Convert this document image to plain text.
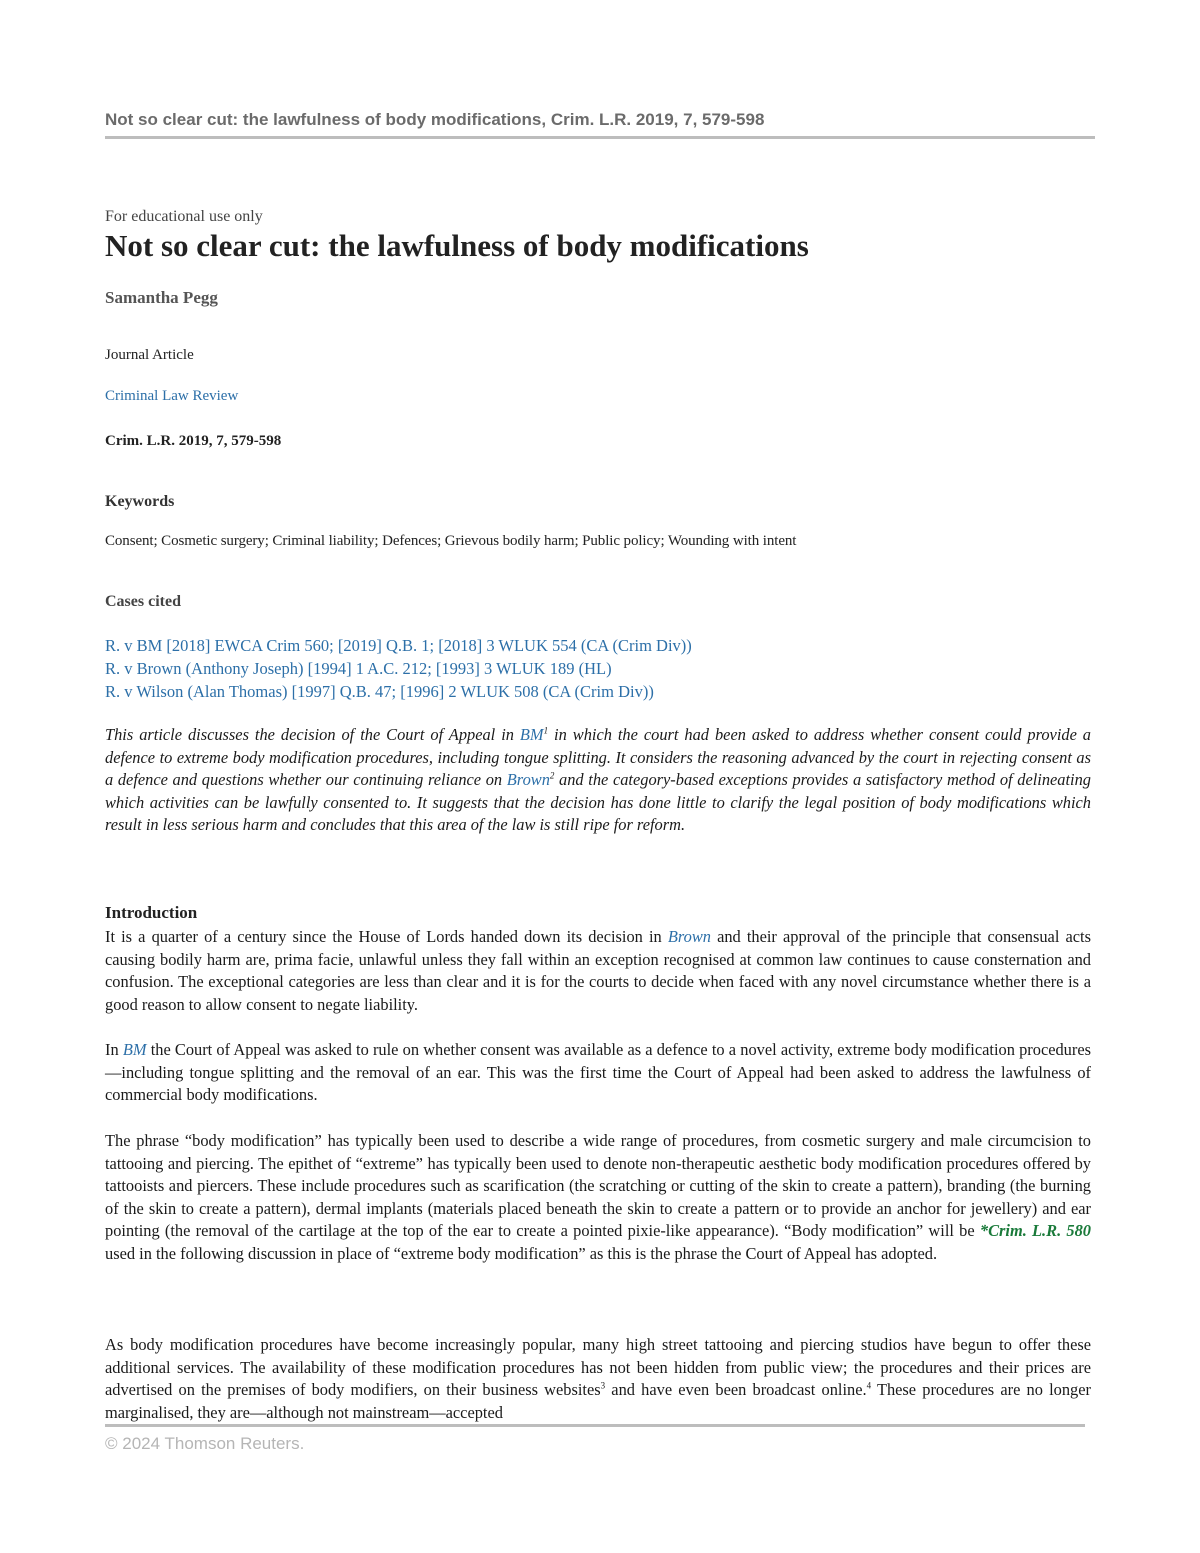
Not so clear cut: the lawfulness of body modifications, Crim. L.R. 2019, 7, 579-598
For educational use only
Not so clear cut: the lawfulness of body modifications
Samantha Pegg
Journal Article
Criminal Law Review
Crim. L.R. 2019, 7, 579-598
Keywords
Consent; Cosmetic surgery; Criminal liability; Defences; Grievous bodily harm; Public policy; Wounding with intent
Cases cited
R. v BM [2018] EWCA Crim 560; [2019] Q.B. 1; [2018] 3 WLUK 554 (CA (Crim Div))
R. v Brown (Anthony Joseph) [1994] 1 A.C. 212; [1993] 3 WLUK 189 (HL)
R. v Wilson (Alan Thomas) [1997] Q.B. 47; [1996] 2 WLUK 508 (CA (Crim Div))

This article discusses the decision of the Court of Appeal in $BM^1$ in which the court had been asked to address whether consent could provide a defence to extreme body modification procedures, including tongue splitting. It considers the reasoning advanced by the court in rejecting consent as a defence and questions whether our continuing reliance on Brown$^2$ and the category-based exceptions provides a satisfactory method of delineating which activities can be lawfully consented to. It suggests that the decision has done little to clarify the legal position of body modifications which result in less serious harm and concludes that this area of the law is still ripe for reform.

Introduction

It is a quarter of a century since the House of Lords handed down its decision in Brown and their approval of the principle that consensual acts causing bodily harm are, prima facie, unlawful unless they fall within an exception recognised at common law continues to cause consternation and confusion. The exceptional categories are less than clear and it is for the courts to decide when faced with any novel circumstance whether there is a good reason to allow consent to negate liability.

In BM the Court of Appeal was asked to rule on whether consent was available as a defence to a novel activity, extreme body modification procedures—including tongue splitting and the removal of an ear. This was the first time the Court of Appeal had been asked to address the lawfulness of commercial body modifications.

The phrase “body modification” has typically been used to describe a wide range of procedures, from cosmetic surgery and male circumcision to tattooing and piercing. The epithet of “extreme” has typically been used to denote non-therapeutic aesthetic body modification procedures offered by tattooists and piercers. These include procedures such as scarification (the scratching or cutting of the skin to create a pattern), branding (the burning of the skin to create a pattern), dermal implants (materials placed beneath the skin to create a pattern or to provide an anchor for jewellery) and ear pointing (the removal of the cartilage at the top of the ear to create a pointed pixie-like appearance). “Body modification” will be *Crim. L.R. 580 used in the following discussion in place of “extreme body modification” as this is the phrase the Court of Appeal has adopted.

As body modification procedures have become increasingly popular, many high street tattooing and piercing studios have begun to offer these additional services. The availability of these modification procedures has not been hidden from public view; the procedures and their prices are advertised on the premises of body modifiers, on their business websites$^3$ and have even been broadcast online.$^4$ These procedures are no longer marginalised, they are—although not mainstream—accepted

© 2024 Thomson Reuters.
